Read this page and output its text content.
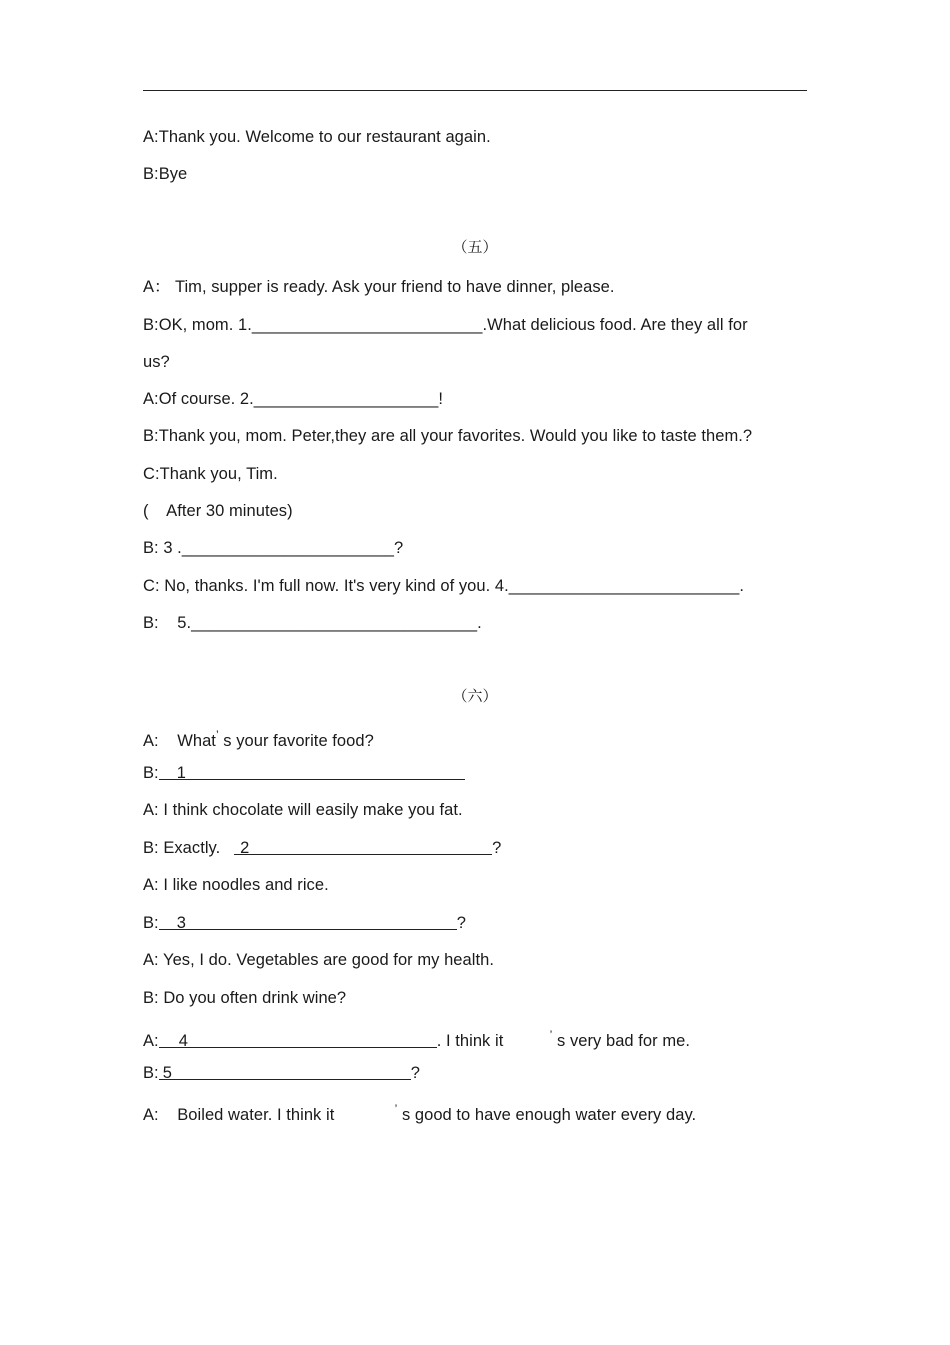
A:Thank you. Welcome to our restaurant again.
B:Bye
（五）
A： Tim, supper is ready. Ask your friend to have dinner, please.
B:OK, mom. 1._________________________.What delicious food. Are they all for
us?
A:Of course. 2.____________________!
B:Thank you, mom. Peter,they are all your favorites. Would you like to taste them.?
C:Thank you, Tim.
(    After 30 minutes)
B: 3 ._______________________?
C: No, thanks. I'm full now. It's very kind of you. 4._________________________.
B:    5._______________________________.
（六）
A:    What’ s your favorite food?
B: 1
A: I think chocolate will easily make you fat.
B: Exactly.   2	?
A: I like noodles and rice.
B: 3	?
A: Yes, I do. Vegetables are good for my health.
B: Do you often drink wine?
A: 4	. I think it          ’ s very bad for me.
B: 5	?
A:    Boiled water. I think it             ’ s good to have enough water every day.
